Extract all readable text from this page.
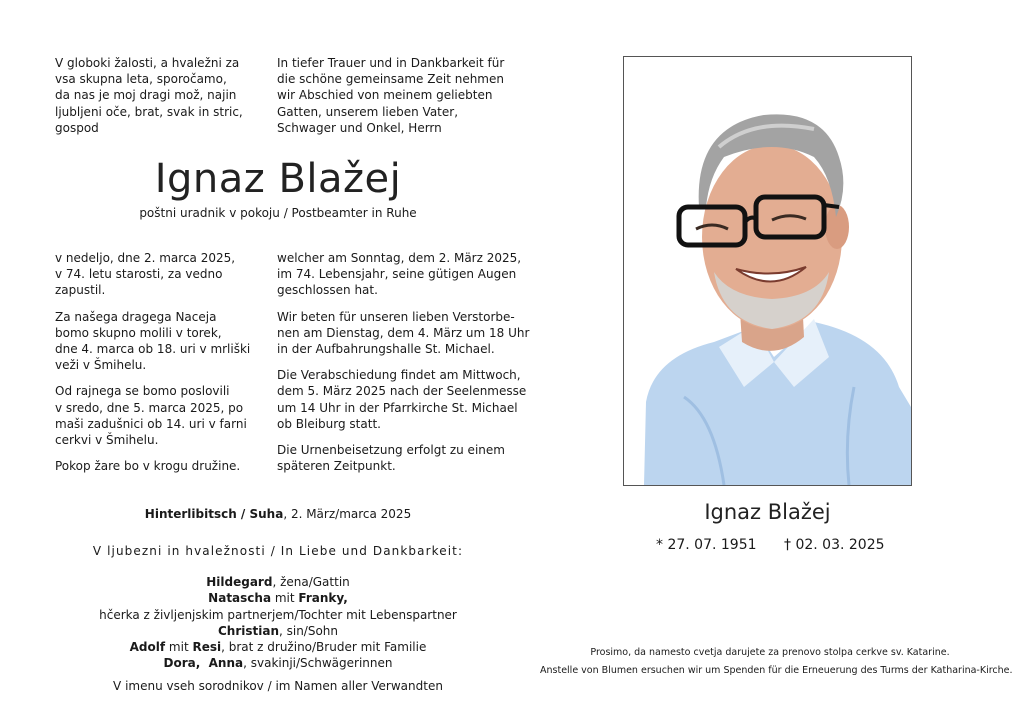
V globoki žalosti, a hvaležni za
vsa skupna leta, sporočamo,
da nas je moj dragi mož, najin
ljubljeni oče, brat, svak in stric,
gospod
In tiefer Trauer und in Dankbarkeit für
die schöne gemeinsame Zeit nehmen
wir Abschied von meinem geliebten
Gatten, unserem lieben Vater,
Schwager und Onkel, Herrn
Ignaz Blažej
poštni uradnik v pokoju / Postbeamter in Ruhe

v nedeljo, dne 2. marca 2025,
v 74. letu starosti, za vedno
zapustil.

Za našega dragega Naceja
bomo skupno molili v torek,
dne 4. marca ob 18. uri v mrliški
veži v Šmihelu.

Od rajnega se bomo poslovili
v sredo, dne 5. marca 2025, po
maši zadušnici ob 14. uri v farni
cerkvi v Šmihelu.

Pokop žare bo v krogu družine.

welcher am Sonntag, dem 2. März 2025,
im 74. Lebensjahr, seine gütigen Augen
geschlossen hat.

Wir beten für unseren lieben Verstorbe-
nen am Dienstag, dem 4. März um 18 Uhr
in der Aufbahrungshalle St. Michael.

Die Verabschiedung findet am Mittwoch,
dem 5. März 2025 nach der Seelenmesse
um 14 Uhr in der Pfarrkirche St. Michael
ob Bleiburg statt.

Die Urnenbeisetzung erfolgt zu einem
späteren Zeitpunkt.

Hinterlibitsch / Suha, 2. März/marca 2025
V ljubezni in hvaležnosti / In Liebe und Dankbarkeit:
Hildegard, žena/Gattin
Natascha mit Franky,
hčerka z življenjskim partnerjem/Tochter mit Lebenspartner
Christian, sin/Sohn
Adolf mit Resi, brat z družino/Bruder mit Familie
Dora,  Anna, svakinji/Schwägerinnen
V imenu vseh sorodnikov / im Namen aller Verwandten
Ignaz Blažej
* 27. 07. 1951 † 02. 03. 2025
Prosimo, da namesto cvetja darujete za prenovo stolpa cerkve sv. Katarine.
Anstelle von Blumen ersuchen wir um Spenden für die Erneuerung des Turms der Katharina-Kirche.
